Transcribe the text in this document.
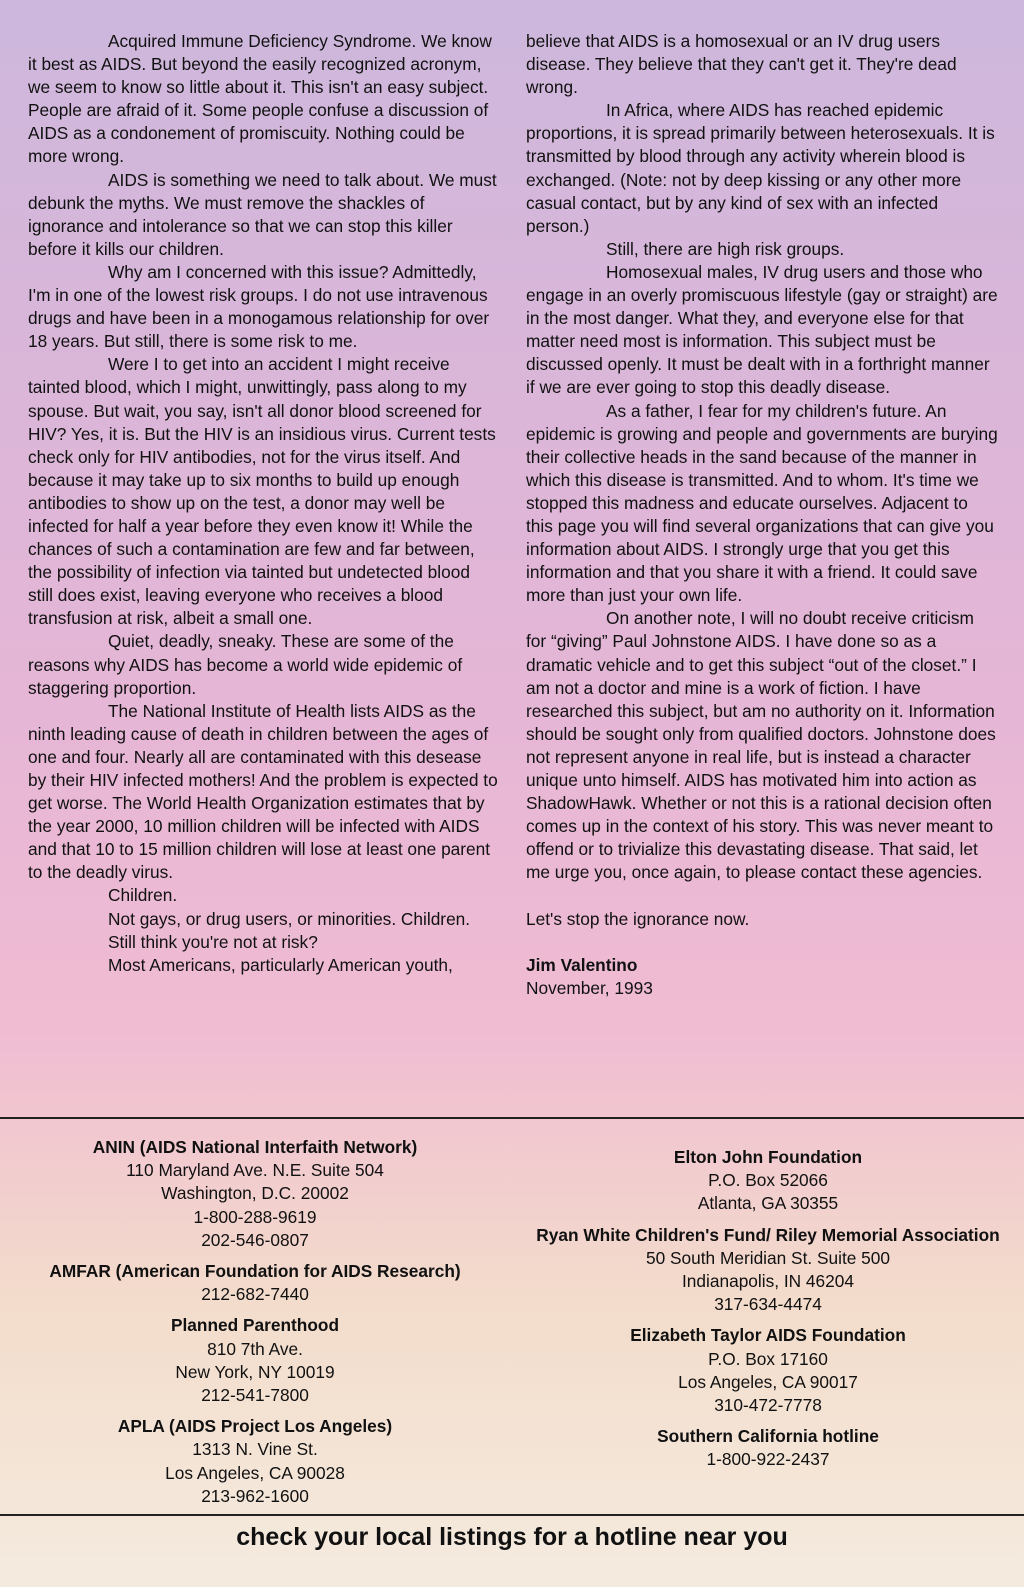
Acquired Immune Deficiency Syndrome. We know it best as AIDS. But beyond the easily recognized acronym, we seem to know so little about it. This isn't an easy subject. People are afraid of it. Some people confuse a discussion of AIDS as a condonement of promiscuity. Nothing could be more wrong.

AIDS is something we need to talk about. We must debunk the myths. We must remove the shackles of ignorance and intolerance so that we can stop this killer before it kills our children.

Why am I concerned with this issue? Admittedly, I'm in one of the lowest risk groups. I do not use intravenous drugs and have been in a monogamous relationship for over 18 years. But still, there is some risk to me.

Were I to get into an accident I might receive tainted blood, which I might, unwittingly, pass along to my spouse. But wait, you say, isn't all donor blood screened for HIV? Yes, it is. But the HIV is an insidious virus. Current tests check only for HIV antibodies, not for the virus itself. And because it may take up to six months to build up enough antibodies to show up on the test, a donor may well be infected for half a year before they even know it! While the chances of such a contamination are few and far between, the possibility of infection via tainted but undetected blood still does exist, leaving everyone who receives a blood transfusion at risk, albeit a small one.

Quiet, deadly, sneaky. These are some of the reasons why AIDS has become a world wide epidemic of staggering proportion.

The National Institute of Health lists AIDS as the ninth leading cause of death in children between the ages of one and four. Nearly all are contaminated with this desease by their HIV infected mothers! And the problem is expected to get worse. The World Health Organization estimates that by the year 2000, 10 million children will be infected with AIDS and that 10 to 15 million children will lose at least one parent to the deadly virus.

Children.

Not gays, or drug users, or minorities. Children.

Still think you're not at risk?

Most Americans, particularly American youth,

believe that AIDS is a homosexual or an IV drug users disease. They believe that they can't get it. They're dead wrong.

In Africa, where AIDS has reached epidemic proportions, it is spread primarily between heterosexuals. It is transmitted by blood through any activity wherein blood is exchanged. (Note: not by deep kissing or any other more casual contact, but by any kind of sex with an infected person.)

Still, there are high risk groups.

Homosexual males, IV drug users and those who engage in an overly promiscuous lifestyle (gay or straight) are in the most danger. What they, and everyone else for that matter need most is information. This subject must be discussed openly. It must be dealt with in a forthright manner if we are ever going to stop this deadly disease.

As a father, I fear for my children's future. An epidemic is growing and people and governments are burying their collective heads in the sand because of the manner in which this disease is transmitted. And to whom. It's time we stopped this madness and educate ourselves. Adjacent to this page you will find several organizations that can give you information about AIDS. I strongly urge that you get this information and that you share it with a friend. It could save more than just your own life.

On another note, I will no doubt receive criticism for “giving” Paul Johnstone AIDS. I have done so as a dramatic vehicle and to get this subject “out of the closet.” I am not a doctor and mine is a work of fiction. I have researched this subject, but am no authority on it. Information should be sought only from qualified doctors. Johnstone does not represent anyone in real life, but is instead a character unique unto himself. AIDS has motivated him into action as ShadowHawk. Whether or not this is a rational decision often comes up in the context of his story. This was never meant to offend or to trivialize this devastating disease. That said, let me urge you, once again, to please contact these agencies.

Let's stop the ignorance now.

Jim Valentino

November, 1993

ANIN (AIDS National Interfaith Network)
110 Maryland Ave. N.E. Suite 504
Washington, D.C. 20002
1-800-288-9619
202-546-0807
AMFAR (American Foundation for AIDS Research)
212-682-7440
Planned Parenthood
810 7th Ave.
New York, NY 10019
212-541-7800
APLA (AIDS Project Los Angeles)
1313 N. Vine St.
Los Angeles, CA 90028
213-962-1600
Elton John Foundation
P.O. Box 52066
Atlanta, GA 30355
Ryan White Children's Fund/ Riley Memorial Association
50 South Meridian St. Suite 500
Indianapolis, IN 46204
317-634-4474
Elizabeth Taylor AIDS Foundation
P.O. Box 17160
Los Angeles, CA 90017
310-472-7778
Southern California hotline
1-800-922-2437
check your local listings for a hotline near you
